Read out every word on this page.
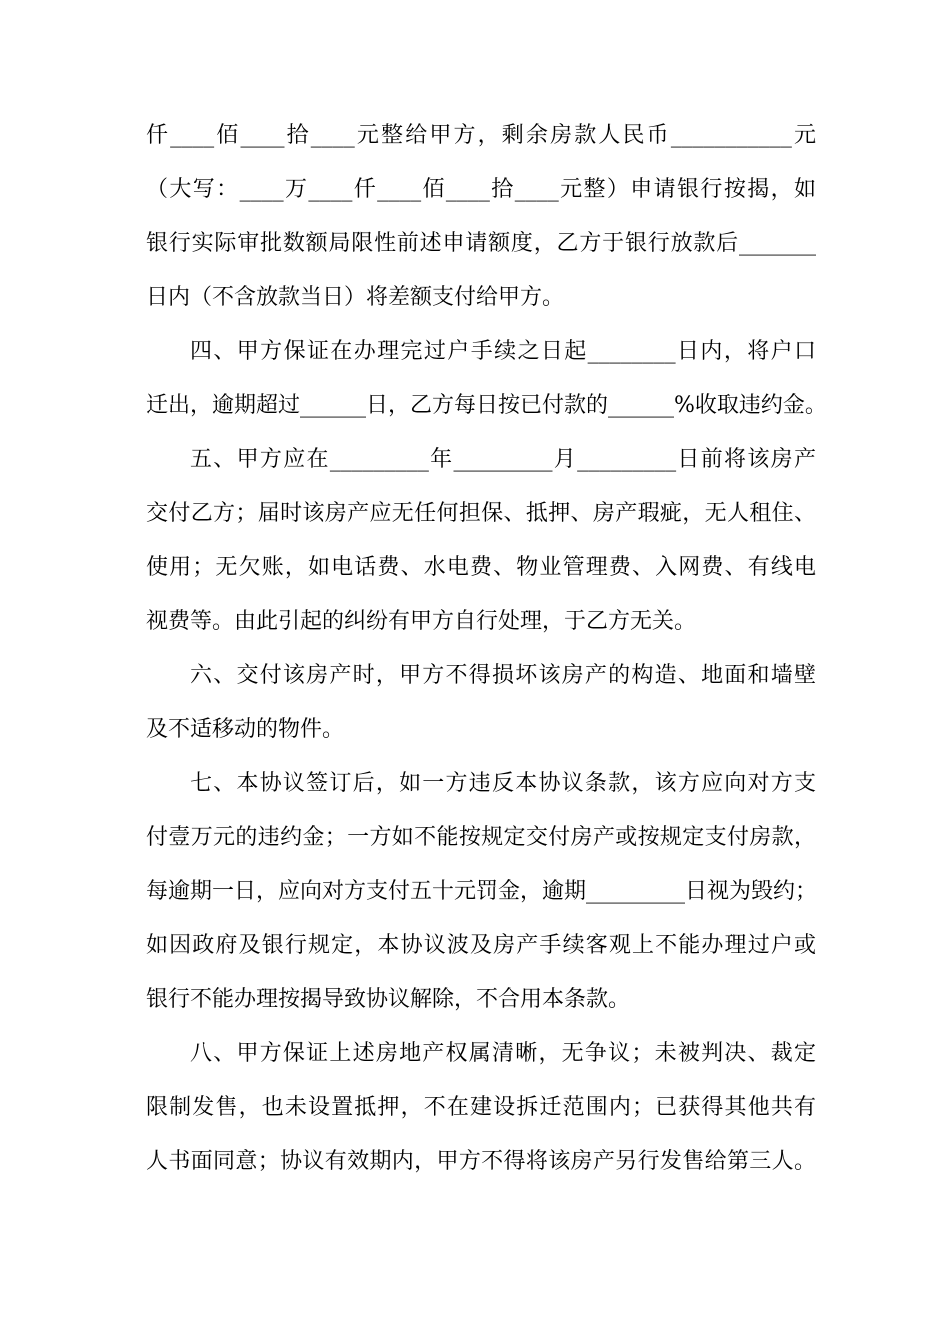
仟____佰____拾____元整给甲方，剩余房款人民币___________元
（大写：____万____仟____佰____拾____元整）申请银行按揭，如
银行实际审批数额局限性前述申请额度，乙方于银行放款后_______
日内（不含放款当日）将差额支付给甲方。
四、甲方保证在办理完过户手续之日起________日内，将户口
迁出，逾期超过______日，乙方每日按已付款的______%收取违约金。
五、甲方应在_________年_________月_________日前将该房产
交付乙方；届时该房产应无任何担保、抵押、房产瑕疵，无人租住、
使用；无欠账，如电话费、水电费、物业管理费、入网费、有线电
视费等。由此引起的纠纷有甲方自行处理，于乙方无关。
六、交付该房产时，甲方不得损坏该房产的构造、地面和墙壁
及不适移动的物件。
七、本协议签订后，如一方违反本协议条款，该方应向对方支
付壹万元的违约金；一方如不能按规定交付房产或按规定支付房款，
每逾期一日，应向对方支付五十元罚金，逾期_________日视为毁约；
如因政府及银行规定，本协议波及房产手续客观上不能办理过户或
银行不能办理按揭导致协议解除，不合用本条款。
八、甲方保证上述房地产权属清晰，无争议；未被判决、裁定
限制发售，也未设置抵押，不在建设拆迁范围内；已获得其他共有
人书面同意；协议有效期内，甲方不得将该房产另行发售给第三人。
